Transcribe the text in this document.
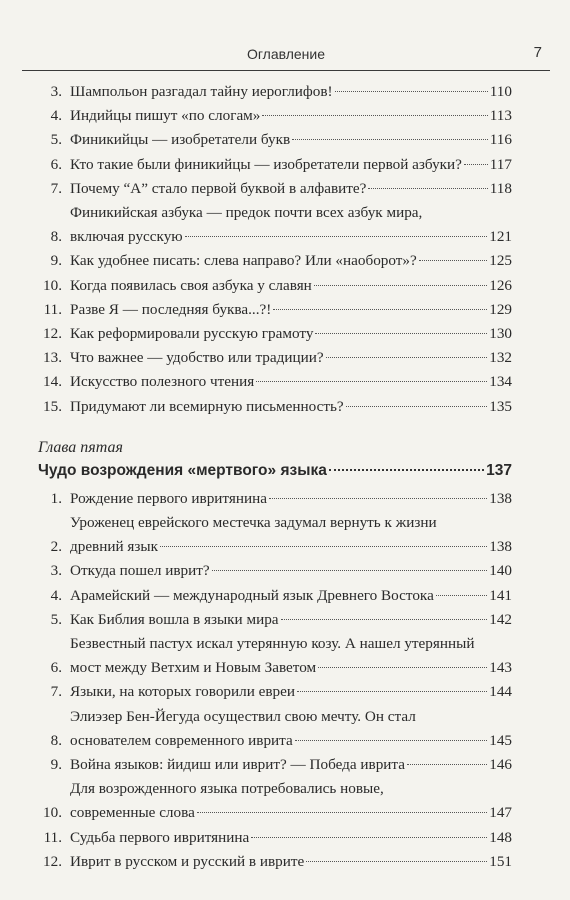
Оглавление	7
3. Шампольон разгадал тайну иероглифов!	110
4. Индийцы пишут «по слогам»	113
5. Финикийцы — изобретатели букв	116
6. Кто такие были финикийцы — изобретатели первой азбуки? 117
7. Почему “А” стало первой буквой в алфавите?	118
8.
Финикийская азбука — предок почти всех азбук мира,
включая русскую	121
9. Как удобнее писать: слева направо? Или «наоборот»?	125
10. Когда появилась своя азбука у славян	126
11. Разве Я — последняя буква...?!	129
12. Как реформировали русскую грамоту	130
13. Что важнее — удобство или традиции?	132
14. Искусство полезного чтения	134
15. Придумают ли всемирную письменность?	135
Глава пятая
Чудо возрождения «мертвого» языка	137
1. Рождение первого ивритянина	138
2.
Уроженец еврейского местечка задумал вернуть к жизни
древний язык	138
3. Откуда пошел иврит?	140
4. Арамейский — международный язык Древнего Востока	141
5. Как Библия вошла в языки мира	142
6.
Безвестный пастух искал утерянную козу. А нашел утерянный
мост между Ветхим и Новым Заветом	143
7. Языки, на которых говорили евреи	144
8.
Элиэзер Бен-Йегуда осуществил свою мечту. Он стал
основателем современного иврита	145
9. Война языков: йидиш или иврит? — Победа иврита	146
10.
Для возрожденного языка потребовались новые,
современные слова	147
11. Судьба первого ивритянина	148
12. Иврит в русском и русский в иврите	151
